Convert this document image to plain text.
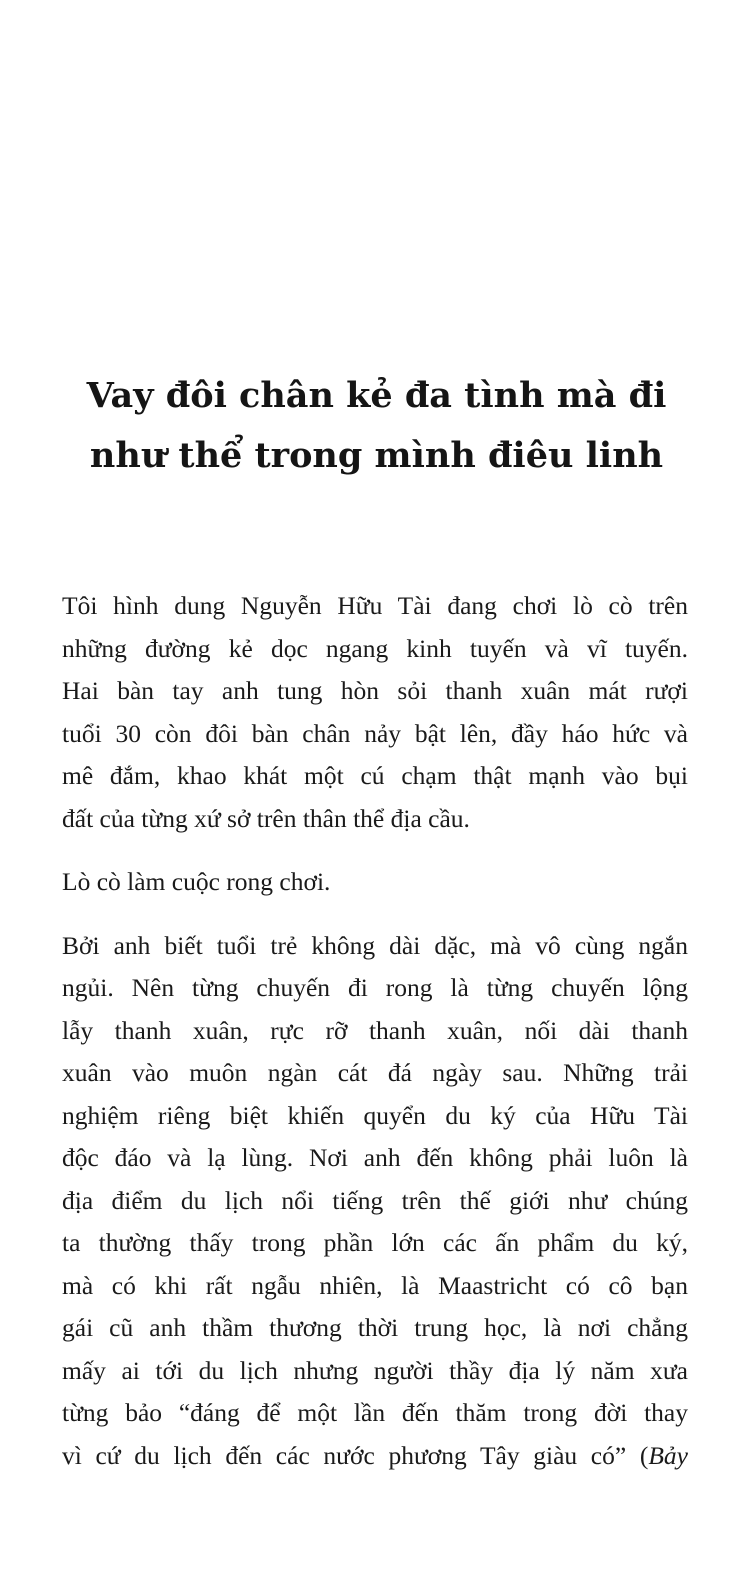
Vay đôi chân kẻ đa tình mà đi
như thể trong mình điêu linh
Tôi hình dung Nguyễn Hữu Tài đang chơi lò cò trên
những đường kẻ dọc ngang kinh tuyến và vĩ tuyến.
Hai bàn tay anh tung hòn sỏi thanh xuân mát rượi
tuổi 30 còn đôi bàn chân nảy bật lên, đầy háo hức và
mê đắm, khao khát một cú chạm thật mạnh vào bụi
đất của từng xứ sở trên thân thể địa cầu.
Lò cò làm cuộc rong chơi.
Bởi anh biết tuổi trẻ không dài dặc, mà vô cùng ngắn
ngủi. Nên từng chuyến đi rong là từng chuyến lộng
lẫy thanh xuân, rực rỡ thanh xuân, nối dài thanh
xuân vào muôn ngàn cát đá ngày sau. Những trải
nghiệm riêng biệt khiến quyển du ký của Hữu Tài
độc đáo và lạ lùng. Nơi anh đến không phải luôn là
địa điểm du lịch nổi tiếng trên thế giới như chúng
ta thường thấy trong phần lớn các ấn phẩm du ký,
mà có khi rất ngẫu nhiên, là Maastricht có cô bạn
gái cũ anh thầm thương thời trung học, là nơi chẳng
mấy ai tới du lịch nhưng người thầy địa lý năm xưa
từng bảo “đáng để một lần đến thăm trong đời thay
vì cứ du lịch đến các nước phương Tây giàu có” (Bảy
